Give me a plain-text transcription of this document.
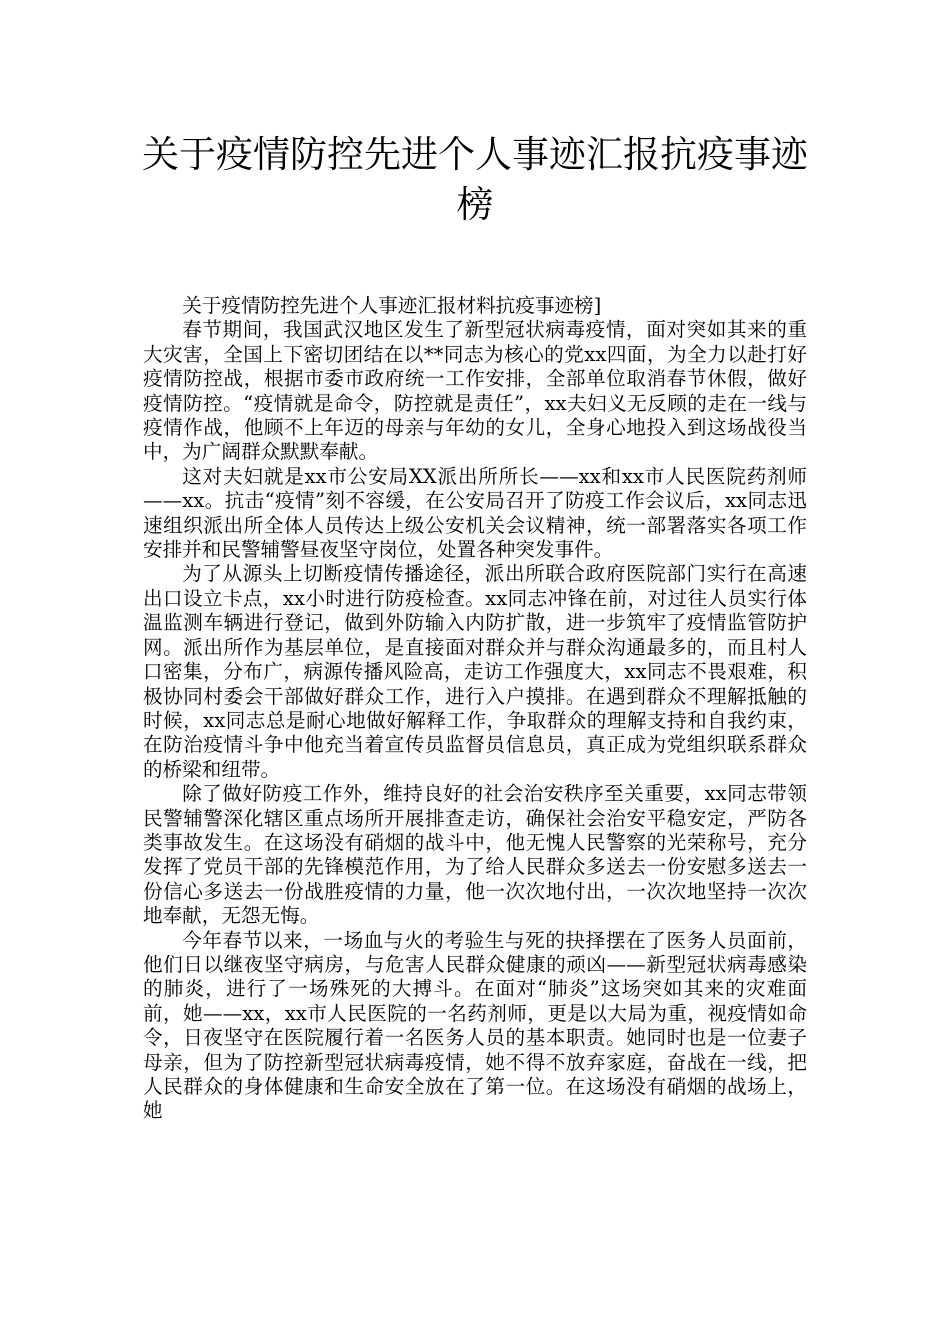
关于疫情防控先进个人事迹汇报抗疫事迹榜

关于疫情防控先进个人事迹汇报材料抗疫事迹榜]

春节期间，我国武汉地区发生了新型冠状病毒疫情，面对突如其来的重大灾害，全国上下密切团结在以**同志为核心的党xx四面，为全力以赴打好疫情防控战，根据市委市政府统一工作安排，全部单位取消春节休假，做好疫情防控。“疫情就是命令，防控就是责任”，xx夫妇义无反顾的走在一线与疫情作战，他顾不上年迈的母亲与年幼的女儿，全身心地投入到这场战役当中，为广阔群众默默奉献。

这对夫妇就是xx市公安局XX派出所所长——xx和xx市人民医院药剂师——xx。抗击“疫情”刻不容缓，在公安局召开了防疫工作会议后，xx同志迅速组织派出所全体人员传达上级公安机关会议精神，统一部署落实各项工作安排并和民警辅警昼夜坚守岗位，处置各种突发事件。

为了从源头上切断疫情传播途径，派出所联合政府医院部门实行在高速出口设立卡点，xx小时进行防疫检查。xx同志冲锋在前，对过往人员实行体温监测车辆进行登记，做到外防输入内防扩散，进一步筑牢了疫情监管防护网。派出所作为基层单位，是直接面对群众并与群众沟通最多的，而且村人口密集，分布广，病源传播风险高，走访工作强度大，xx同志不畏艰难，积极协同村委会干部做好群众工作，进行入户摸排。在遇到群众不理解抵触的时候，xx同志总是耐心地做好解释工作，争取群众的理解支持和自我约束，在防治疫情斗争中他充当着宣传员监督员信息员，真正成为党组织联系群众的桥梁和纽带。

除了做好防疫工作外，维持良好的社会治安秩序至关重要，xx同志带领民警辅警深化辖区重点场所开展排查走访，确保社会治安平稳安定，严防各类事故发生。在这场没有硝烟的战斗中，他无愧人民警察的光荣称号，充分发挥了党员干部的先锋模范作用，为了给人民群众多送去一份安慰多送去一份信心多送去一份战胜疫情的力量，他一次次地付出，一次次地坚持一次次地奉献，无怨无悔。

今年春节以来，一场血与火的考验生与死的抉择摆在了医务人员面前，他们日以继夜坚守病房，与危害人民群众健康的顽凶——新型冠状病毒感染的肺炎，进行了一场殊死的大搏斗。在面对“肺炎”这场突如其来的灾难面前，她——xx，xx市人民医院的一名药剂师，更是以大局为重，视疫情如命令，日夜坚守在医院履行着一名医务人员的基本职责。她同时也是一位妻子母亲，但为了防控新型冠状病毒疫情，她不得不放弃家庭，奋战在一线，把人民群众的身体健康和生命安全放在了第一位。在这场没有硝烟的战场上，她
